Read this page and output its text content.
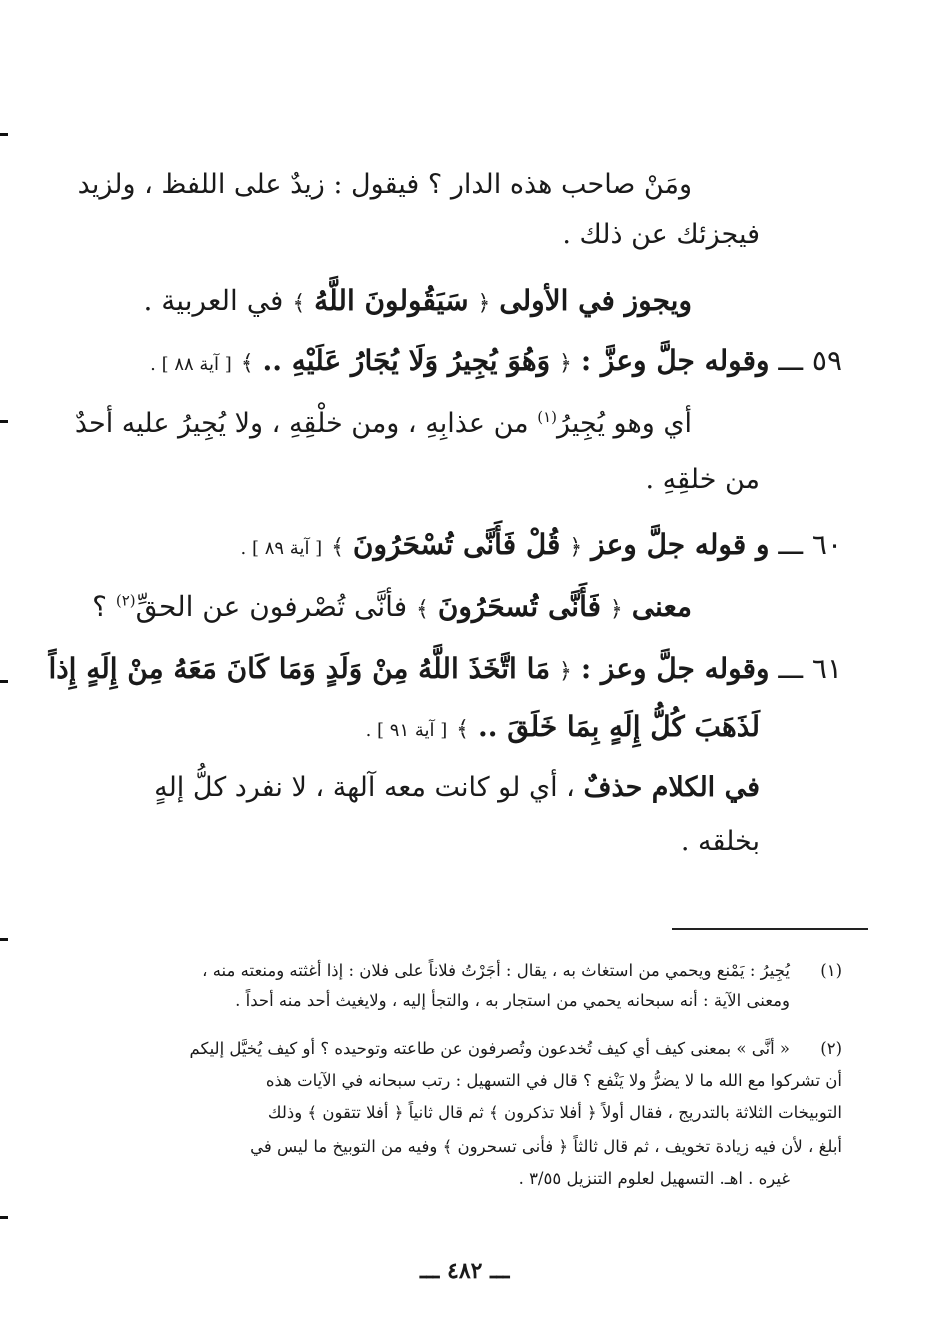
ومَنْ صاحب هذه الدار ؟ فيقول : زيدٌ على اللفظ ، ولزيد
فيجزئك عن ذلك .
ويجوز في الأولى ﴿ سَيَقُولونَ اللَّهُ ﴾ في العربية .
٥٩ ـــ وقوله جلَّ وعزَّ : ﴿ وَهُوَ يُجِيرُ وَلَا يُجَارُ عَلَيْهِ .. ﴾ [ آية ٨٨ ] .
أي وهو يُجِيرُ$^{(١)}$ من عذابِهِ ، ومن خلْقِهِ ، ولا يُجِيرُ عليه أحدٌ
من خلقِهِ .
٦٠ ـــ و قوله جلَّ وعز ﴿ قُلْ فَأَنَّى تُسْحَرُونَ ﴾ [ آية ٨٩ ] .
معنى ﴿ فَأَنَّى تُسحَرُونَ ﴾ فأنَّى تُصْرفون عن الحقِّ$^{(٢)}$ ؟
٦١ ـــ وقوله جلَّ وعز : ﴿ مَا اتَّخَذَ اللَّهُ مِنْ وَلَدٍ وَمَا كَانَ مَعَهُ مِنْ إِلَهٍ إِذاً
لَذَهَبَ كُلُّ إِلَهٍ بِمَا خَلَقَ .. ﴾ [ آية ٩١ ] .
في الكلام حذفٌ ، أي لو كانت معه آلهة ، لا نفرد كلُّ إلهٍ
بخلقه .
(١)
يُجِيرُ : يَمْنع ويحمي من استغاث به ، يقال : أجَرْتُ فلاناً على فلان : إذا أغثته ومنعته منه ،
ومعنى الآية : أنه سبحانه يحمي من استجار به ، والتجأ إليه ، ولايغيث أحد منه أحداً .
(٢)
« أنَّى » بمعنى كيف أي كيف تُخدعون وتُصرفون عن طاعته وتوحيده ؟ أو كيف يُخيَّل إليكم
أن تشركوا مع الله ما لا يضرُّ ولا يَنْفع ؟ قال في التسهيل : رتب سبحانه في الآيات هذه
التوبيخات الثلاثة بالتدريج ، فقال أولاً ﴿ أفلا تذكرون ﴾ ثم قال ثانياً ﴿ أفلا تتقون ﴾ وذلك
أبلغ ، لأن فيه زيادة تخويف ، ثم قال ثالثاً ﴿ فأنى تسحرون ﴾ وفيه من التوبيخ ما ليس في
غيره . اهـ. التسهيل لعلوم التنزيل ٣/٥٥ .
ـــ ٤٨٢ ـــ
